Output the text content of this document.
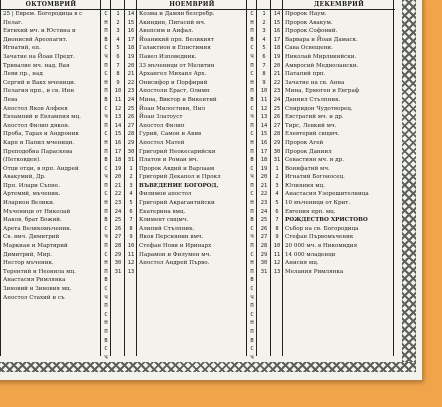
ОКТОМВРИЙ
25 | Еврем. Богородица в с
Пелаг.
Евтихий мч. и Юстина и
Дионисий Ареопагит.
Игнатий, еп.
Зачатие на Йоан Предт.
Тривалие мч. над. Вая
Леви пр., над
Сергий и Вакх мченици.
Пелагия прп., и св. Инн
Лева
Апостол Яков Алфеев
Евлампий и Евлампия мц.
Апостол Филип дякон.
Проба, Тарах и Андроник
Карп и Папил мченици.
Преподобна Параскева
(Петковден).
Отци отци, в прп. Андрей
Авакумий, Др.
Прп. Илари Съпне.
Артемий, мъченик.
Иларион Велики.
Мъченици от Николай
Иаков, брат Божий.
Арета Великомъченик.
Св. вмч. Димитрий
Маркиан и Мартирий
Димитрий, Мир.
Нестор мъченик.
Терентий и Неонила мц.
Анастасия Римлянка
Зиновий и Зиновия мц.
Апостол Стахий и съ
С
Н
П
В
С
Ч
П
С
Н
П
В
С
Ч
П
С
Н
П
В
С
Ч
П
С
Н
П
В
С
Ч
П
С
Н
П
В
С
Ч
П
С
Н
П
В
С
Ч
1
2
3
4
5
6
7
8
9
10
11
12
13
14
15
16
17
18
19
20
21
22
23
24
25
26
27
28
29
30
31
14
15
16
17
18
19
20
21
22
23
24
25
26
27
28
29
30
31
1
2
3
4
5
6
7
8
9
10
11
12
13
НОЕМВРИЙ
Козма и Дамян безсребр.
Акиндин, Пигасий мч.
Акепсим и Аифал.
Йоаникий прп. Великият
Галактион и Епистимия
Павел Изповедник.
33 мъченици от Мелитин
Архангел Михаил Арх.
Онисифор и Порфирий
Апостоли Ераст, Олимп
Мина, Виктор и Викентий
Йоан Милостиви, Нил
Йоан Златоуст
Апостол Филип
Гурий, Самон и Авив
Апостол Матей
Григорий Неокесарийски
Платон и Роман мч.
Пророк Авдий и Варлаам
Григорий Декапол и Прокл
ВЪВЕДЕНИЕ БОГОРОД.
Филимон апостол
Григорий Акрагантийски
Екатерина вмц.
Климент свщмч.
Алипий Стълпник.
Яков Персиянин вмч.
Стефан Нови и Иринарх
Парамон и Филумен мч.
Апостол Андрей Първо.
С
Н
П
В
С
Ч
П
С
Н
П
В
С
Ч
П
С
Н
П
В
С
Ч
П
С
Н
П
В
С
Ч
П
С
Н
П
В
С
Ч
П
С
Н
П
В
С
Ч
1
2
3
4
5
6
7
8
9
10
11
12
13
14
15
16
17
18
19
20
21
22
23
24
25
26
27
28
29
30
31
14
15
16
17
18
19
20
21
22
23
24
25
26
27
28
29
30
31
1
2
3
4
5
6
7
8
9
10
11
12
13
ДЕКЕМВРИЙ
Пророк Наум.
Пророк Авакум.
Пророк Софоний.
Варвара и Йоан Дамаск.
Сава Освещени.
Николай Мирликийски.
Амвросий Медиолански.
Патапий прп.
Зачатие на св. Анна
Мина, Ермоген и Евграф
Даниил Стълпник.
Спиридон Чудотворец.
Евстратий мч. и др.
Тирс, Левкий мч.
Елевтерий свщмч.
Пророк Агей
Пророк Даниил
Севастиян мч. и др.
Вонифатий мч.
Игнатий Богоносец.
Юлияния мц.
Анастасия Узорешителница
10 мъченици от Крит.
Евгения прп. мц.
РОЖДЕСТВО ХРИСТОВО
Събор на св. Богородица
Стефан Първомъченик
20 000 мч. в Никомидия
14 000 младенци
Анисия мц.
Мелания Римлянка
